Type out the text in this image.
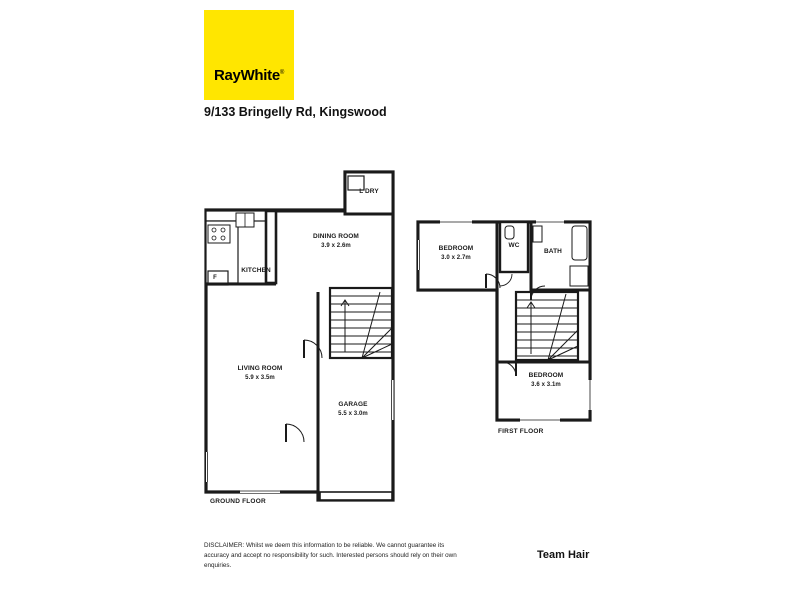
RayWhite®
9/133 Bringelly Rd, Kingswood
L'DRY
DINING ROOM
3.9 x 2.6m
KITCHEN
F
LIVING ROOM
5.9 x 3.5m
GARAGE
5.5 x 3.0m
BEDROOM
3.0 x 2.7m
WC
BATH
BEDROOM
3.6 x 3.1m
GROUND FLOOR
FIRST FLOOR
DISCLAIMER: Whilst we deem this information to be reliable. We cannot guarantee its accuracy and accept no responsibility for such. Interested persons should rely on their own enquiries.
Team Hair
